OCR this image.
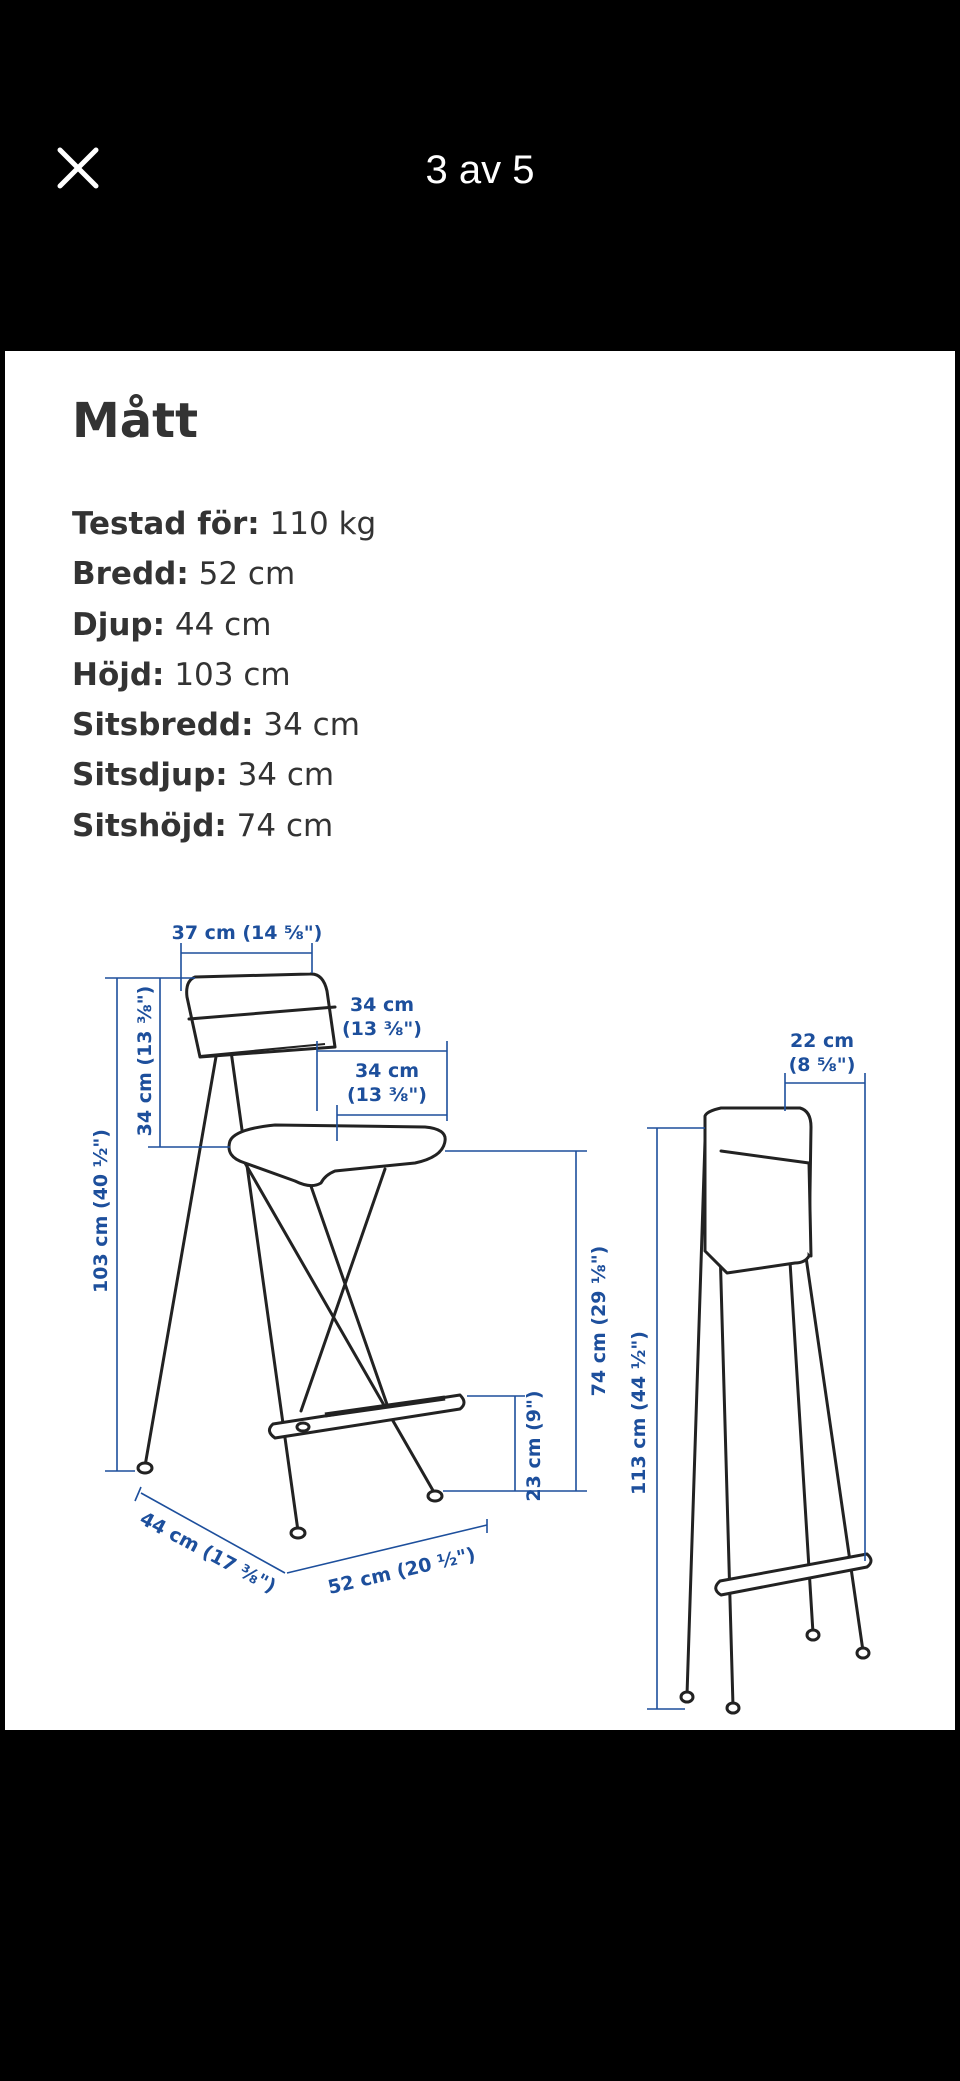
3 av 5
Mått
Testad för: 110 kg
Bredd: 52 cm
Djup: 44 cm
Höjd: 103 cm
Sitsbredd: 34 cm
Sitsdjup: 34 cm
Sitshöjd: 74 cm
37 cm (14 ⅝")
34 cm
(13 ⅜")
34 cm
(13 ⅜")
34 cm (13 ⅜")
103 cm (40 ½")
74 cm (29 ⅛")
23 cm (9")
44 cm (17 ⅜") 52 cm (20 ½")
22 cm
(8 ⅝")
113 cm (44 ½")
